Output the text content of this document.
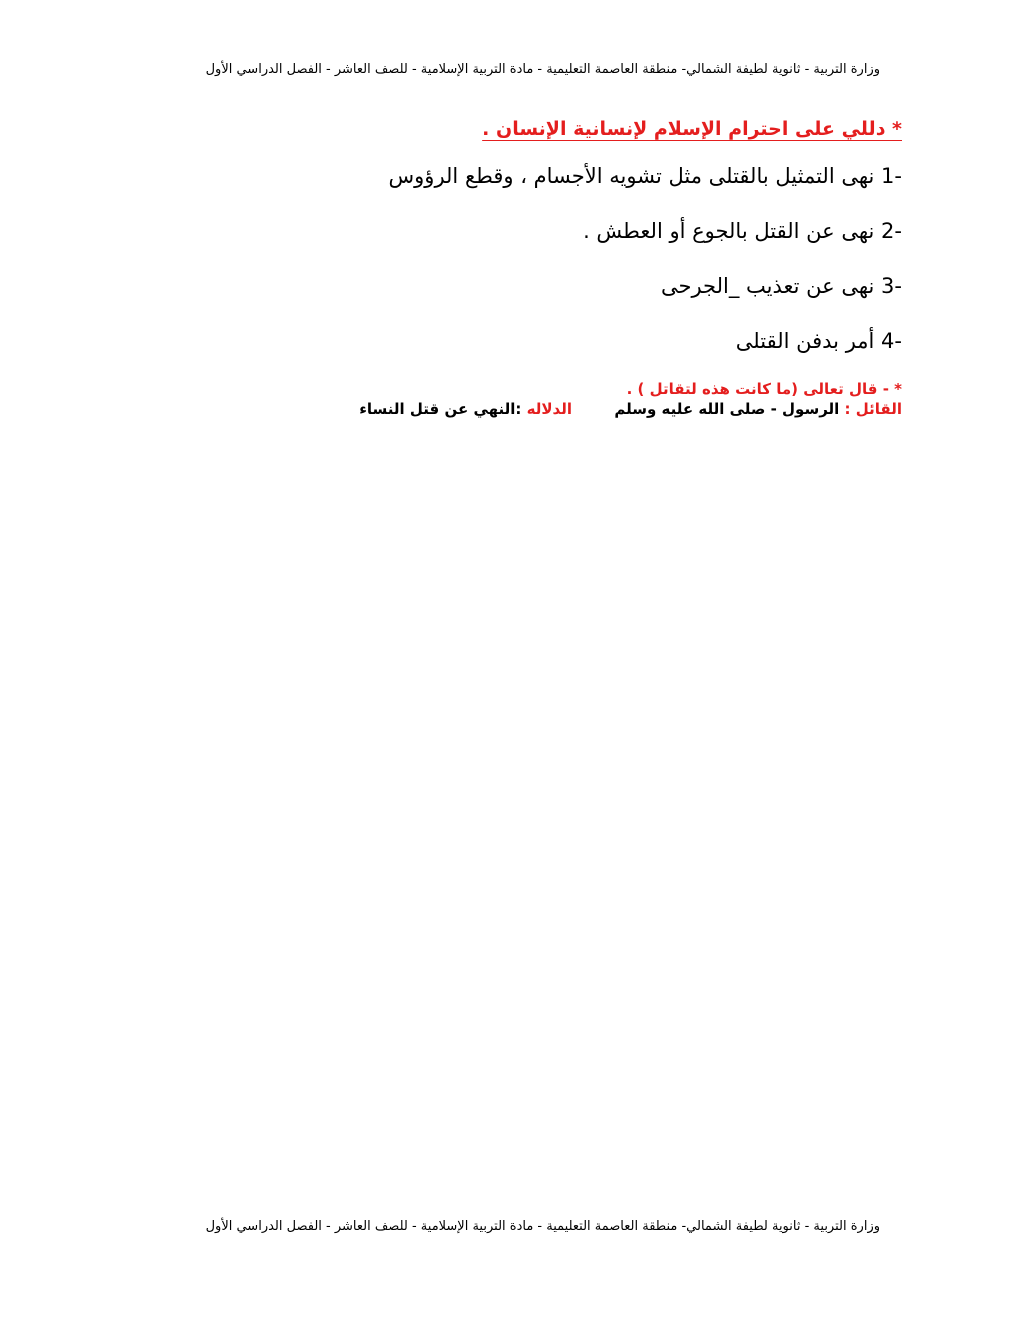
وزارة التربية - ثانوية لطيفة الشمالي- منطقة العاصمة التعليمية - مادة التربية الإسلامية - للصف العاشر - الفصل الدراسي الأول
* دللي على احترام الإسلام لإنسانية الإنسان .
1- نهى التمثيل بالقتلى مثل تشويه الأجسام ، وقطع الرؤوس
2- نهى عن القتل بالجوع أو العطش .
3- نهى عن تعذيب _الجرحى
4- أمر بدفن القتلى
* - قال تعالى (ما كانت هذه لتقاتل ) .
القائل : الرسول - صلى الله عليه وسلم
الدلاله :النهي عن قتل النساء
وزارة التربية - ثانوية لطيفة الشمالي- منطقة العاصمة التعليمية - مادة التربية الإسلامية - للصف العاشر - الفصل الدراسي الأول
